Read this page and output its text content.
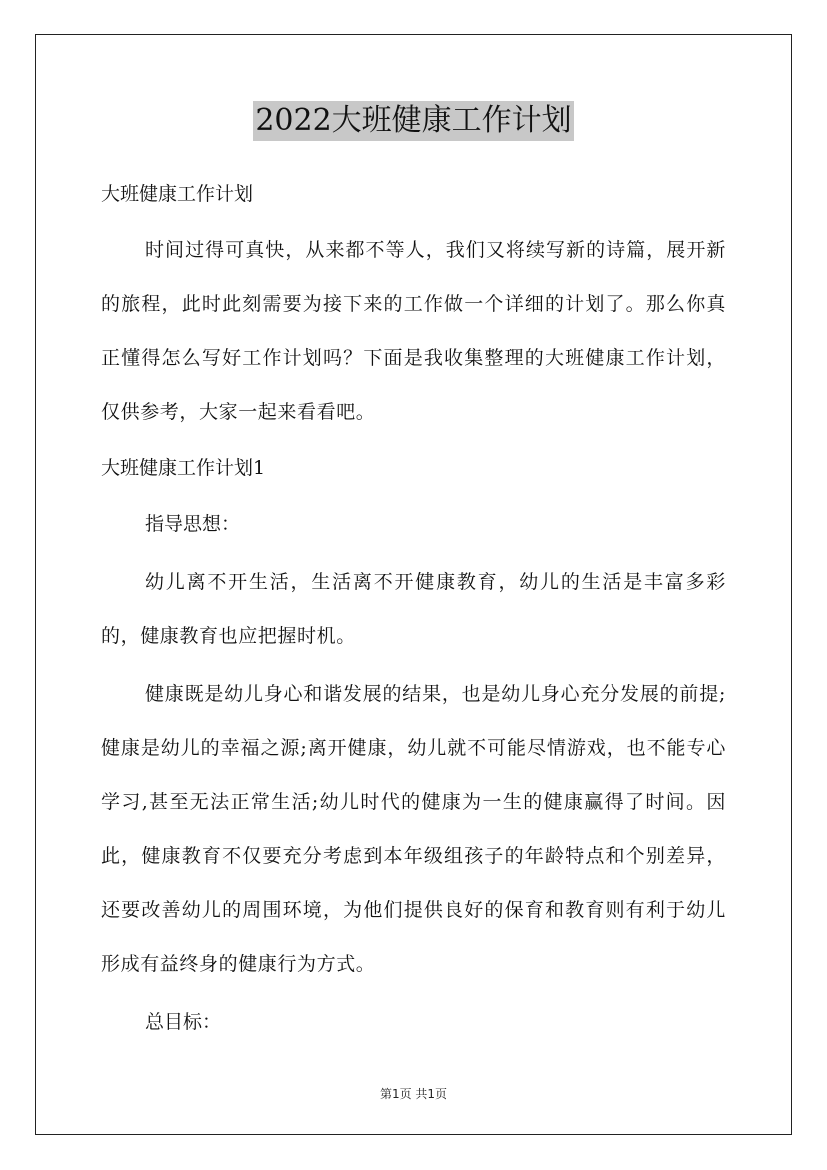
2022大班健康工作计划
大班健康工作计划

时间过得可真快，从来都不等人，我们又将续写新的诗篇，展开新的旅程，此时此刻需要为接下来的工作做一个详细的计划了。那么你真正懂得怎么写好工作计划吗？下面是我收集整理的大班健康工作计划，仅供参考，大家一起来看看吧。

大班健康工作计划1

指导思想：

幼儿离不开生活，生活离不开健康教育，幼儿的生活是丰富多彩的，健康教育也应把握时机。

健康既是幼儿身心和谐发展的结果，也是幼儿身心充分发展的前提;健康是幼儿的幸福之源;离开健康，幼儿就不可能尽情游戏，也不能专心学习,甚至无法正常生活;幼儿时代的健康为一生的健康赢得了时间。因此，健康教育不仅要充分考虑到本年级组孩子的年龄特点和个别差异，还要改善幼儿的周围环境，为他们提供良好的保育和教育则有利于幼儿形成有益终身的健康行为方式。

总目标：

第1页 共1页
